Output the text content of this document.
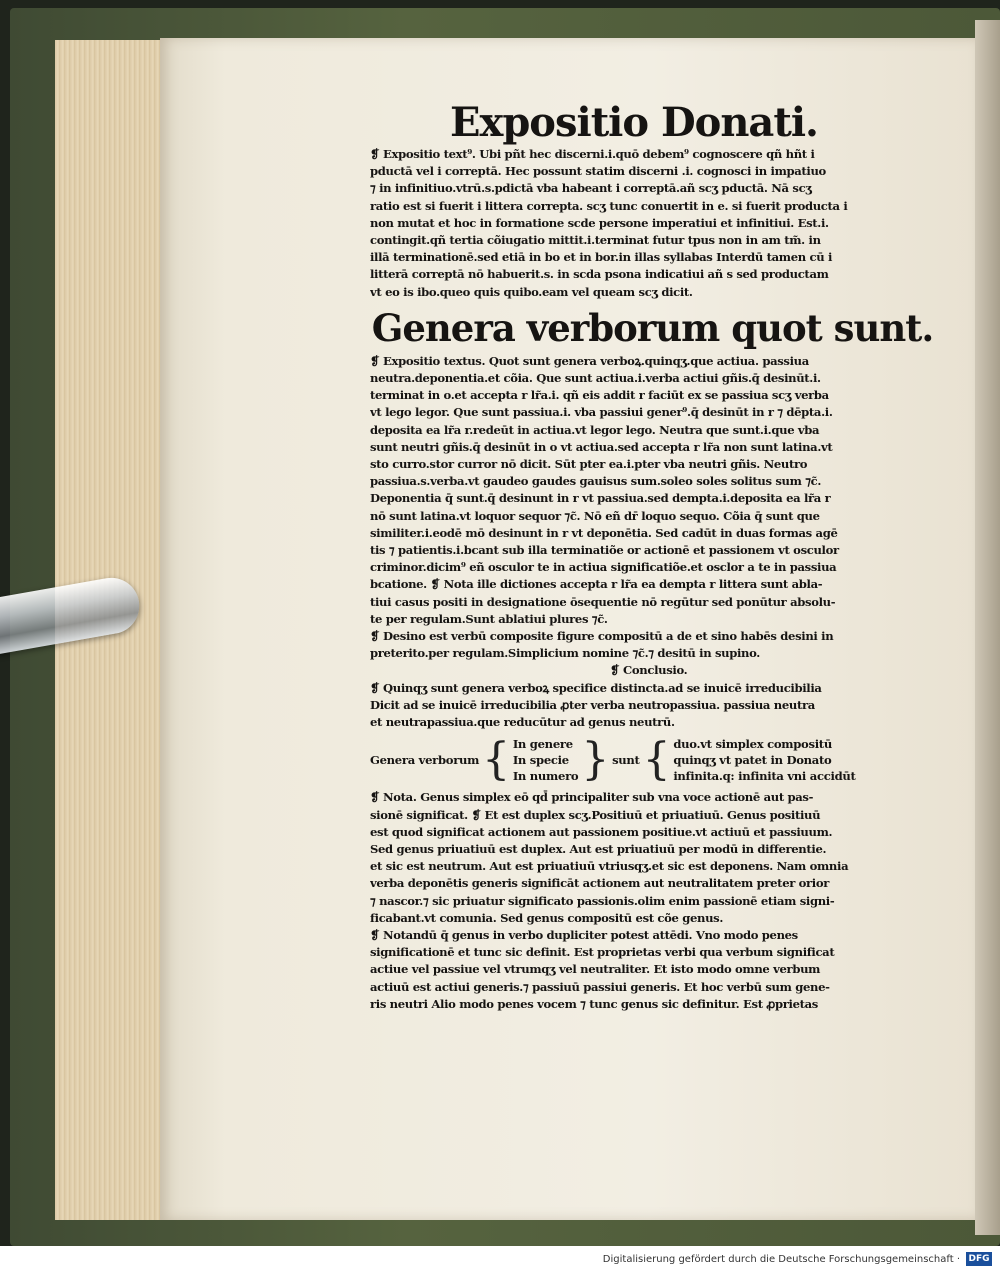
Expositio Donati.
❡ Expositio text⁹. Ubi pñt hec discerni.i.quō debem⁹ cognoscere qñ hñt i
pductā vel i correptā. Hec possunt statim discerni .i. cognosci in impatiuo
⁊ in infinitiuo.vtrū.s.pdictā vba habeant i correptā.añ scʒ pductā. Nā scʒ
ratio est si fuerit i littera correpta. scʒ tunc conuertit in e. si fuerit producta i
non mutat et hoc in formatione scde persone imperatiui et infinitiui. Est.i.
contingit.qñ tertia cõiugatio mittit.i.terminat futur tpus non in am tm̃. in
illā terminationē.sed etiā in bo et in bor.in illas syllabas Interdū tamen cū i
litterā correptā nō habuerit.s. in scda psona indicatiui añ s sed productam
vt eo is ibo.queo quis quibo.eam vel queam scʒ dicit.
Genera verborum quot sunt.
❡ Expositio textus. Quot sunt genera verboꝝ.quinqʒ.que actiua. passiua
neutra.deponentia.et cõia. Que sunt actiua.i.verba actiui gñis.q̄ desinūt.i.
terminat in o.et accepta r lr̃a.i. qñ eis addit r faciūt ex se passiua scʒ verba
vt lego legor. Que sunt passiua.i. vba passiui gener⁹.q̄ desinūt in r ⁊ dēpta.i.
deposita ea lr̃a r.redeūt in actiua.vt legor lego. Neutra que sunt.i.que vba
sunt neutri gñis.q̄ desinūt in o vt actiua.sed accepta r lr̃a non sunt latina.vt
sto curro.stor curror nō dicit. Sūt pter ea.i.pter vba neutri gñis. Neutro
passiua.s.verba.vt gaudeo gaudes gauisus sum.soleo soles solitus sum ⁊c̃.
Deponentia q̄ sunt.q̄ desinunt in r vt passiua.sed dempta.i.deposita ea lr̃a r
nō sunt latina.vt loquor sequor ⁊c̃. Nō eñ dr̄ loquo sequo. Cõia q̄ sunt que
similiter.i.eodē mō desinunt in r vt deponētia. Sed cadūt in duas formas agē
tis ⁊ patientis.i.bcant sub illa terminatiõe or actionē et passionem vt osculor
criminor.dicim⁹ eñ osculor te in actiua significatiõe.et osclor a te in passiua
bcatione. ❡ Nota ille dictiones accepta r lr̃a ea dempta r littera sunt abla-
tiui casus positi in designatione ōsequentie nō regūtur sed ponūtur absolu-
te per regulam.Sunt ablatiui plures ⁊c̃.
❡ Desino est verbū composite figure compositū a de et sino habēs desini in
preterito.per regulam.Simplicium nomine ⁊c̃.⁊ desitū in supino.
❡ Conclusio.
❡ Quinqʒ sunt genera verboꝝ specifice distincta.ad se inuicē irreducibilia
Dicit ad se inuicē irreducibilia ꝓter verba neutropassiua. passiua neutra
et neutrapassiua.que reducūtur ad genus neutrū.
Genera verborum { In genere
In specie
In numero } sunt { duo.vt simplex compositū
quinqʒ vt patet in Donato
infinita.q: infinita vni accidūt
❡ Nota. Genus simplex eō qd̄ principaliter sub vna voce actionē aut pas-
sionē significat. ❡ Et est duplex scʒ.Positiuū et priuatiuū. Genus positiuū
est quod significat actionem aut passionem positiue.vt actiuū et passiuum.
Sed genus priuatiuū est duplex. Aut est priuatiuū per modū in differentie.
et sic est neutrum. Aut est priuatiuū vtriusqʒ.et sic est deponens. Nam omnia
verba deponētis generis significāt actionem aut neutralitatem preter orior
⁊ nascor.⁊ sic priuatur significato passionis.olim enim passionē etiam signi-
ficabant.vt comunia. Sed genus compositū est cõe genus.
❡ Notandū q̄ genus in verbo dupliciter potest attēdi. Vno modo penes
significationē et tunc sic definit. Est proprietas verbi qua verbum significat
actiue vel passiue vel vtrumqʒ vel neutraliter. Et isto modo omne verbum
actiuū est actiui generis.⁊ passiuū passiui generis. Et hoc verbū sum gene-
ris neutri Alio modo penes vocem ⁊ tunc genus sic definitur. Est ꝓprietas
Digitalisierung gefördert durch die Deutsche Forschungsgemeinschaft · DFG
